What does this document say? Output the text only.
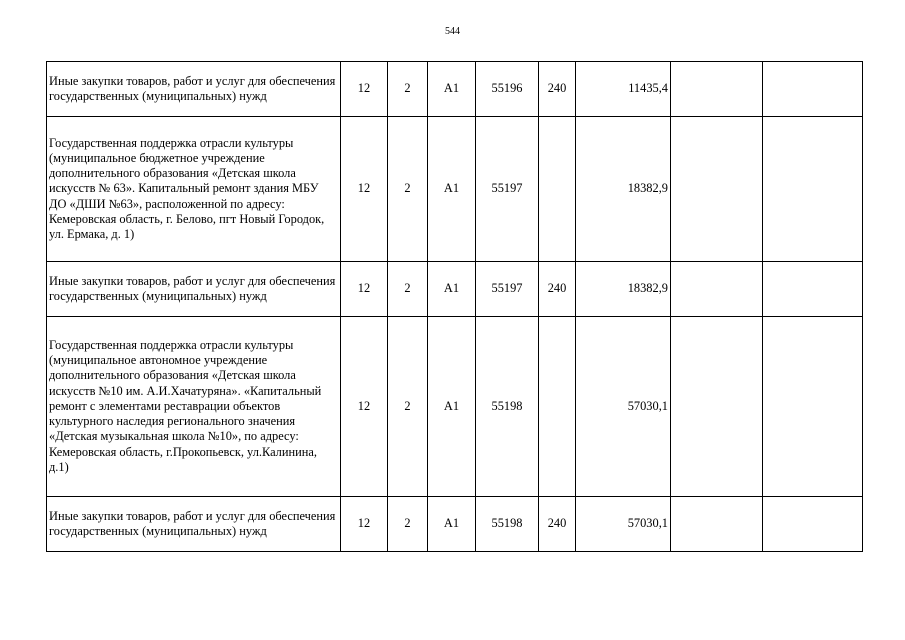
544
Иные закупки товаров, работ и услуг для обеспечения государственных (муниципальных) нужд	12	2	А1	55196	240	11435,4		
Государственная поддержка отрасли культуры (муниципальное бюджетное учреждение дополнительного образования «Детская школа искусств № 63». Капитальный ремонт здания МБУ ДО «ДШИ №63», расположенной по адресу: Кемеровская область, г. Белово, пгт Новый Городок, ул. Ермака, д. 1)	12	2	А1	55197		18382,9		
Иные закупки товаров, работ и услуг для обеспечения государственных (муниципальных) нужд	12	2	А1	55197	240	18382,9		
Государственная поддержка отрасли культуры (муниципальное автономное учреждение дополнительного образования «Детская школа искусств №10 им. А.И.Хачатуряна». «Капитальный ремонт с элементами реставрации объектов культурного наследия регионального значения «Детская музыкальная школа №10», по адресу: Кемеровская область, г.Прокопьевск, ул.Калинина, д.1)	12	2	А1	55198		57030,1		
Иные закупки товаров, работ и услуг для обеспечения государственных (муниципальных) нужд	12	2	А1	55198	240	57030,1		
